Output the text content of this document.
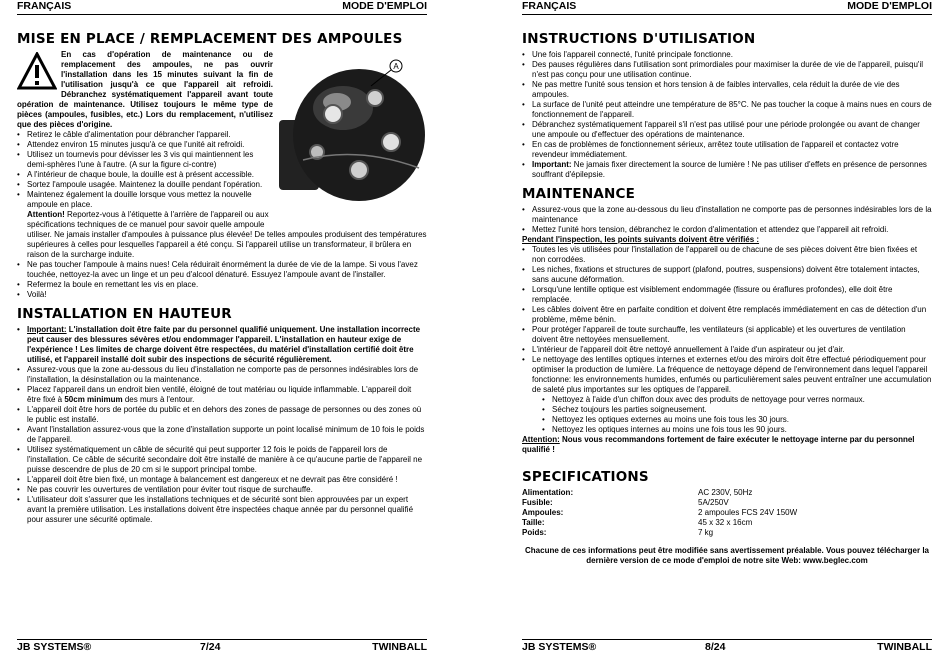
FRANÇAIS	MODE D'EMPLOI
MISE EN PLACE / REMPLACEMENT DES AMPOULES
A

En cas d'opération de maintenance ou de remplacement des ampoules, ne pas ouvrir l'installation dans les 15 minutes suivant la fin de l'utilisation jusqu'à ce que l'appareil ait refroidi. Débranchez systématiquement l'appareil avant toute opération de maintenance. Utilisez toujours le même type de pièces (ampoules, fusibles, etc.) Lors du remplacement, n'utilisez que des pièces d'origine.

• Retirez le câble d'alimentation pour débrancher l'appareil.
• Attendez environ 15 minutes jusqu'à ce que l'unité ait refroidi.
• Utilisez un tournevis pour dévisser les 3 vis qui maintiennent les demi-sphères l'une à l'autre. (A sur la figure ci-contre)
• A l'intérieur de chaque boule, la douille est à présent accessible.
• Sortez l'ampoule usagée. Maintenez la douille pendant l'opération.
• Maintenez également la douille lorsque vous mettez la nouvelle ampoule en place.

Attention! Reportez-vous à l'étiquette à l'arrière de l'appareil ou aux spécifications techniques de ce manuel pour savoir quelle ampoule utiliser. Ne jamais installer d'ampoules à puissance plus élevée! De telles ampoules produisent des températures supérieures à celles pour lesquelles l'appareil a été conçu. Si l'appareil utilise un transformateur, il brûlera en raison de la surcharge induite.

• Ne pas toucher l'ampoule à mains nues! Cela réduirait énormément la durée de vie de la lampe. Si vous l'avez touchée, nettoyez-la avec un linge et un peu d'alcool dénaturé. Essuyez l'ampoule avant de l'installer.
• Refermez la boule en remettant les vis en place.
• Voilà!
INSTALLATION EN HAUTEUR
• Important: L'installation doit être faite par du personnel qualifié uniquement. Une installation incorrecte peut causer des blessures sévères et/ou endommager l'appareil. L'installation en hauteur exige de l'expérience ! Les limites de charge doivent être respectées, du matériel d'installation certifié doit être utilisé, et l'appareil installé doit subir des inspections de sécurité régulièrement.
• Assurez-vous que la zone au-dessous du lieu d'installation ne comporte pas de personnes indésirables lors de l'installation, la désinstallation ou la maintenance.
• Placez l'appareil dans un endroit bien ventilé, éloigné de tout matériau ou liquide inflammable. L'appareil doit être fixé à 50cm minimum des murs à l'entour.
• L'appareil doit être hors de portée du public et en dehors des zones de passage de personnes ou des zones où le public est installé.
• Avant l'installation assurez-vous que la zone d'installation supporte un point localisé minimum de 10 fois le poids de l'appareil.
• Utilisez systématiquement un câble de sécurité qui peut supporter 12 fois le poids de l'appareil lors de l'installation. Ce câble de sécurité secondaire doit être installé de manière à ce qu'aucune partie de l'appareil ne puisse descendre de plus de 20 cm si le support principal tombe.
• L'appareil doit être bien fixé, un montage à balancement est dangereux et ne devrait pas être considéré !
• Ne pas couvrir les ouvertures de ventilation pour éviter tout risque de surchauffe.
• L'utilisateur doit s'assurer que les installations techniques et de sécurité sont bien approuvées par un expert avant la première utilisation. Les installations doivent être inspectées chaque année par du personnel qualifié pour assurer une sécurité optimale.
JB SYSTEMS®	7/24	TWINBALL
FRANÇAIS	MODE D'EMPLOI
INSTRUCTIONS D'UTILISATION
• Une fois l'appareil connecté, l'unité principale fonctionne.
• Des pauses régulières dans l'utilisation sont primordiales pour maximiser la durée de vie de l'appareil, puisqu'il n'est pas conçu pour une utilisation continue.
• Ne pas mettre l'unité sous tension et hors tension à de faibles intervalles, cela réduit la durée de vie des ampoules.
• La surface de l'unité peut atteindre une température de 85°C. Ne pas toucher la coque à mains nues en cours de fonctionnement de l'appareil.
• Débranchez systématiquement l'appareil s'il n'est pas utilisé pour une période prolongée ou avant de changer une ampoule ou d'effectuer des opérations de maintenance.
• En cas de problèmes de fonctionnement sérieux, arrêtez toute utilisation de l'appareil et contactez votre revendeur immédiatement.
• Important: Ne jamais fixer directement la source de lumière ! Ne pas utiliser d'effets en présence de personnes souffrant d'épilepsie.
MAINTENANCE
• Assurez-vous que la zone au-dessous du lieu d'installation ne comporte pas de personnes indésirables lors de la maintenance
• Mettez l'unité hors tension, débranchez le cordon d'alimentation et attendez que l'appareil ait refroidi.

Pendant l'inspection, les points suivants doivent être vérifiés :

• Toutes les vis utilisées pour l'installation de l'appareil ou de chacune de ses pièces doivent être bien fixées et non corrodées.
• Les niches, fixations et structures de support (plafond, poutres, suspensions) doivent être totalement intactes, sans aucune déformation.
• Lorsqu'une lentille optique est visiblement endommagée (fissure ou éraflures profondes), elle doit être remplacée.
• Les câbles doivent être en parfaite condition et doivent être remplacés immédiatement en cas de détection d'un problème, même bénin.
• Pour protéger l'appareil de toute surchauffe, les ventilateurs (si applicable) et les ouvertures de ventilation doivent être nettoyées mensuellement.
• L'intérieur de l'appareil doit être nettoyé annuellement à l'aide d'un aspirateur ou jet d'air.
• Le nettoyage des lentilles optiques internes et externes et/ou des miroirs doit être effectué périodiquement pour optimiser la production de lumière. La fréquence de nettoyage dépend de l'environnement dans lequel l'appareil fonctionne: les environnements humides, enfumés ou particulièrement sales peuvent entraîner une accumulation de saleté plus importantes sur les optiques de l'appareil.
• Nettoyez à l'aide d'un chiffon doux avec des produits de nettoyage pour verres normaux.
• Séchez toujours les parties soigneusement.
• Nettoyez les optiques externes au moins une fois tous les 30 jours.
• Nettoyez les optiques internes au moins une fois tous les 90 jours.

Attention: Nous vous recommandons fortement de faire exécuter le nettoyage interne par du personnel qualifié !

SPECIFICATIONS
Alimentation:	AC 230V, 50Hz
Fusible:	5A/250V
Ampoules:	2 ampoules FCS 24V 150W
Taille:	45 x 32 x 16cm
Poids:	7 kg

Chacune de ces informations peut être modifiée sans avertissement préalable. Vous pouvez télécharger la dernière version de ce mode d'emploi de notre site Web: www.beglec.com

JB SYSTEMS®	8/24	TWINBALL
